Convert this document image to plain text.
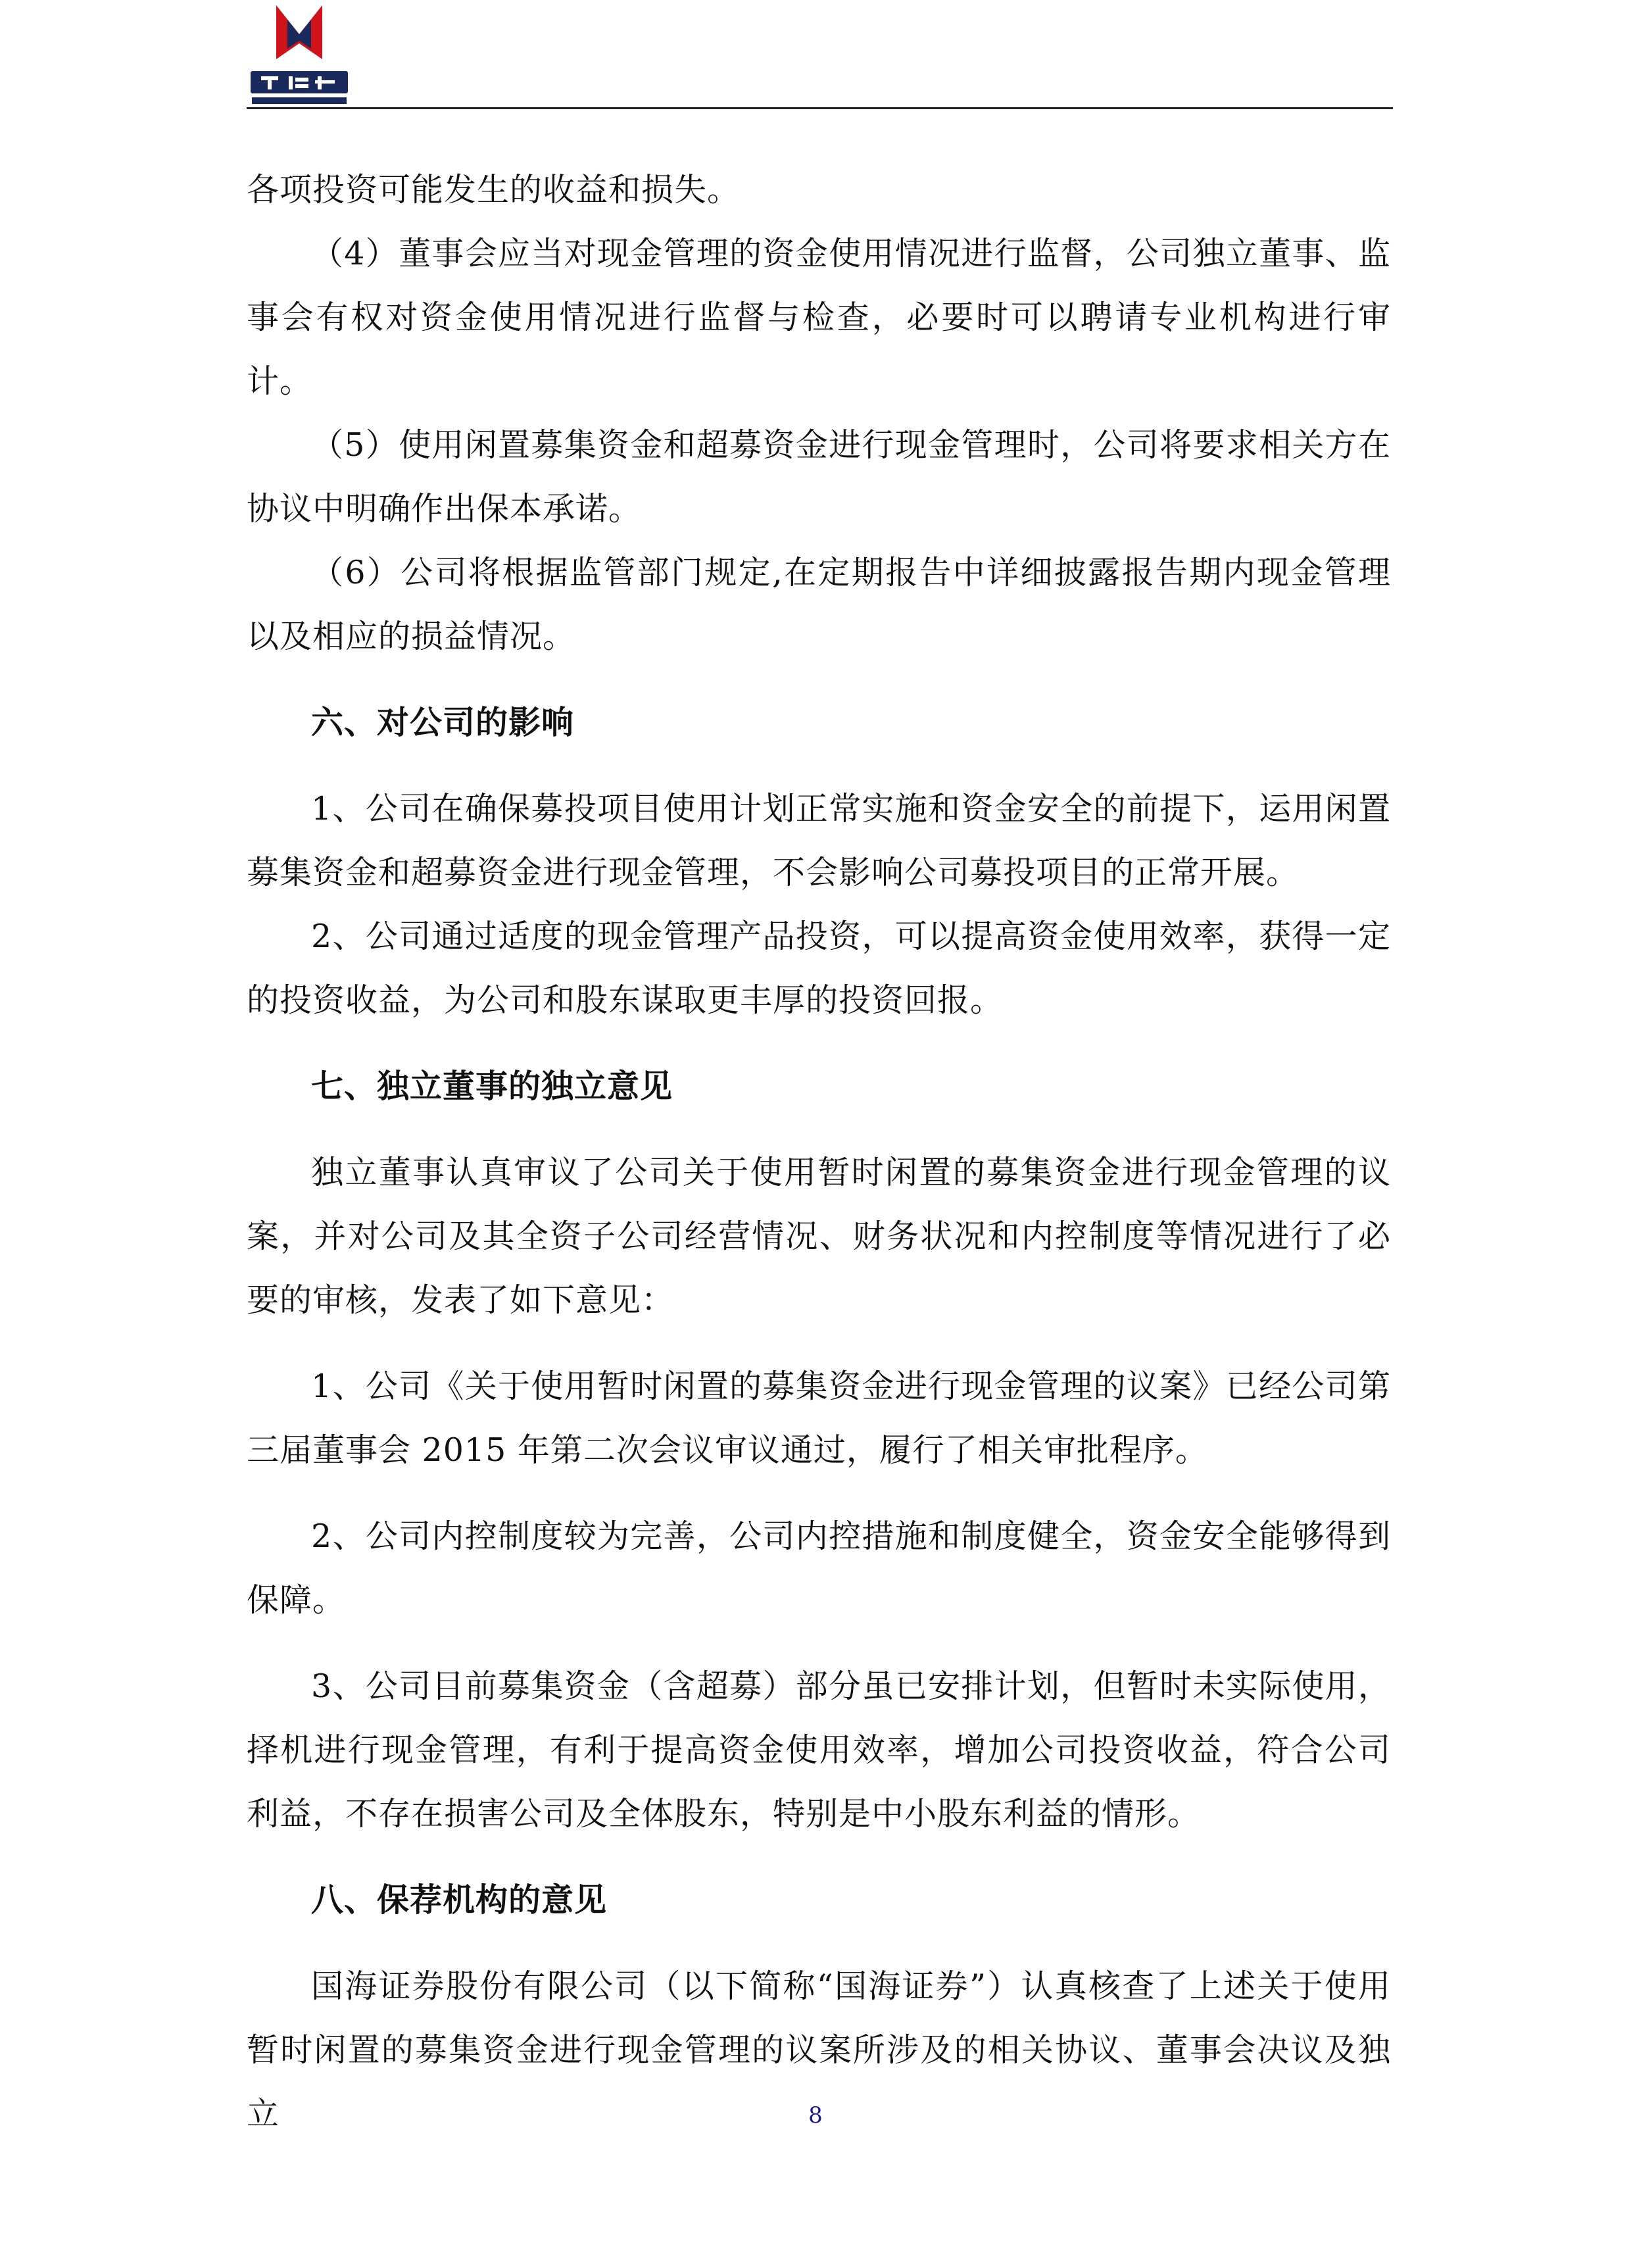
各项投资可能发生的收益和损失。

（4）董事会应当对现金管理的资金使用情况进行监督，公司独立董事、监事会有权对资金使用情况进行监督与检查，必要时可以聘请专业机构进行审计。

（5）使用闲置募集资金和超募资金进行现金管理时，公司将要求相关方在协议中明确作出保本承诺。

（6）公司将根据监管部门规定,在定期报告中详细披露报告期内现金管理以及相应的损益情况。

六、对公司的影响

1、公司在确保募投项目使用计划正常实施和资金安全的前提下，运用闲置募集资金和超募资金进行现金管理，不会影响公司募投项目的正常开展。

2、公司通过适度的现金管理产品投资，可以提高资金使用效率，获得一定的投资收益，为公司和股东谋取更丰厚的投资回报。

七、独立董事的独立意见

独立董事认真审议了公司关于使用暂时闲置的募集资金进行现金管理的议案，并对公司及其全资子公司经营情况、财务状况和内控制度等情况进行了必要的审核，发表了如下意见：

1、公司《关于使用暂时闲置的募集资金进行现金管理的议案》已经公司第三届董事会 2015 年第二次会议审议通过，履行了相关审批程序。

2、公司内控制度较为完善，公司内控措施和制度健全，资金安全能够得到保障。

3、公司目前募集资金（含超募）部分虽已安排计划，但暂时未实际使用，择机进行现金管理，有利于提高资金使用效率，增加公司投资收益，符合公司利益，不存在损害公司及全体股东，特别是中小股东利益的情形。

八、保荐机构的意见

国海证券股份有限公司（以下简称“国海证券”）认真核查了上述关于使用暂时闲置的募集资金进行现金管理的议案所涉及的相关协议、董事会决议及独立	8
